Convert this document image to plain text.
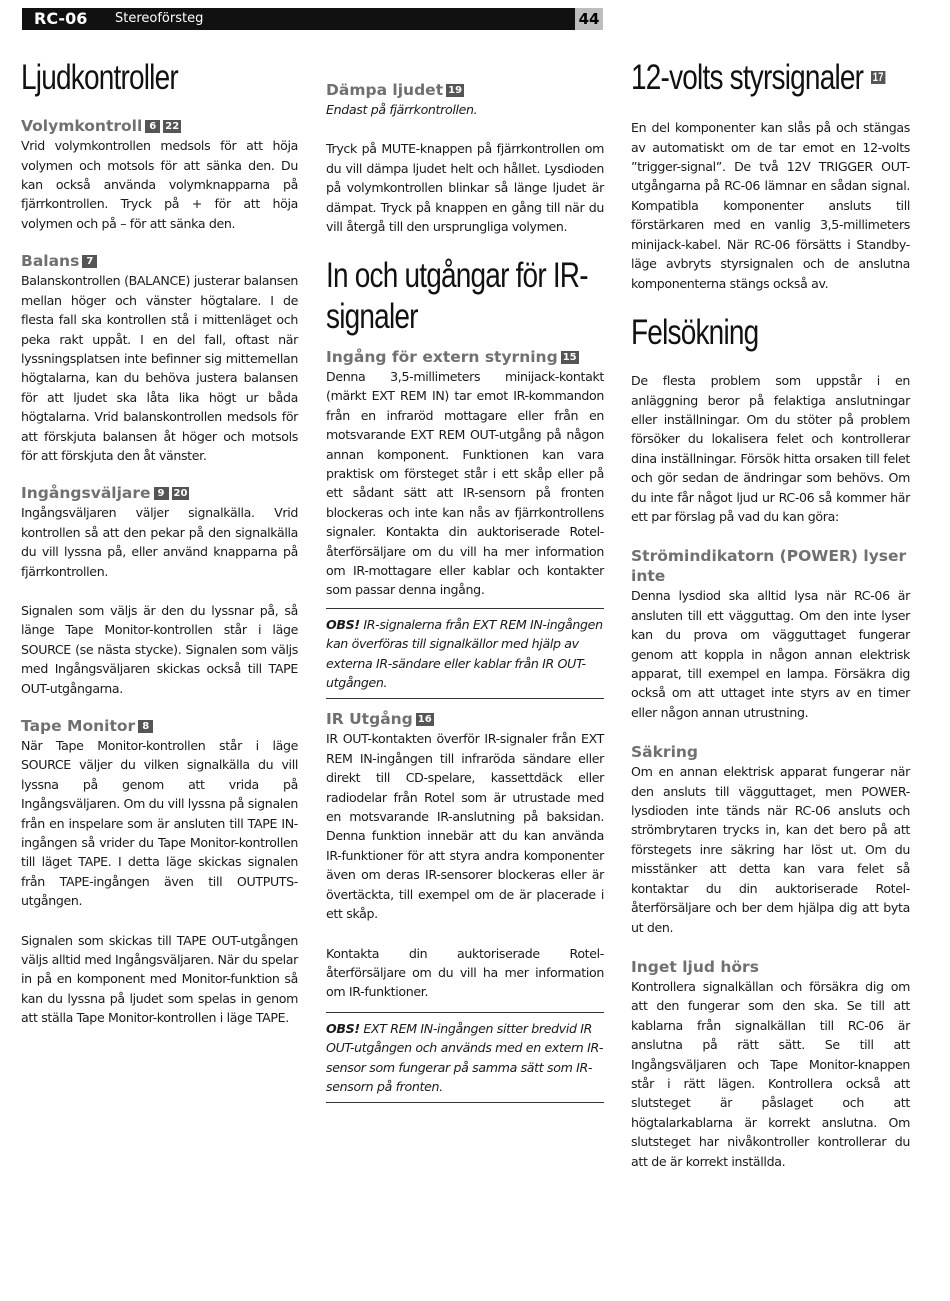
RC-06 Stereoförsteg	44
Ljudkontroller
Volymkontroll 6 22

Vrid volymkontrollen medsols för att höja volymen och motsols för att sänka den. Du kan också använda volymknapparna på fjärrkontrollen. Tryck på + för att höja volymen och på – för att sänka den.

Balans 7

Balanskontrollen (BALANCE) justerar balansen mellan höger och vänster högtalare. I de flesta fall ska kontrollen stå i mittenläget och peka rakt uppåt. I en del fall, oftast när lyssningsplatsen inte befinner sig mittemellan högtalarna, kan du behöva justera balansen för att ljudet ska låta lika högt ur båda högtalarna. Vrid balanskontrollen medsols för att förskjuta balansen åt höger och motsols för att förskjuta den åt vänster.

Ingångsväljare 9 20

Ingångsväljaren väljer signalkälla. Vrid kontrollen så att den pekar på den signalkälla du vill lyssna på, eller använd knapparna på fjärrkontrollen.

Signalen som väljs är den du lyssnar på, så länge Tape Monitor-kontrollen står i läge SOURCE (se nästa stycke). Signalen som väljs med Ingångsväljaren skickas också till TAPE OUT-utgångarna.

Tape Monitor 8

När Tape Monitor-kontrollen står i läge SOURCE väljer du vilken signalkälla du vill lyssna på genom att vrida på Ingångsväljaren. Om du vill lyssna på signalen från en inspelare som är ansluten till TAPE IN-ingången så vrider du Tape Monitor-kontrollen till läget TAPE. I detta läge skickas signalen från TAPE-ingången även till OUTPUTS-utgången.

Signalen som skickas till TAPE OUT-utgången väljs alltid med Ingångsväljaren. När du spelar in på en komponent med Monitor-funktion så kan du lyssna på ljudet som spelas in genom att ställa Tape Monitor-kontrollen i läge TAPE.

Dämpa ljudet 19

Endast på fjärrkontrollen.

Tryck på MUTE-knappen på fjärrkontrollen om du vill dämpa ljudet helt och hållet. Lysdioden på volymkontrollen blinkar så länge ljudet är dämpat. Tryck på knappen en gång till när du vill återgå till den ursprungliga volymen.

In och utgångar för IR-signaler
Ingång för extern styrning 15

Denna 3,5-millimeters minijack-kontakt (märkt EXT REM IN) tar emot IR-kommandon från en infraröd mottagare eller från en motsvarande EXT REM OUT-utgång på någon annan komponent. Funktionen kan vara praktisk om försteget står i ett skåp eller på ett sådant sätt att IR-sensorn på fronten blockeras och inte kan nås av fjärrkontrollens signaler. Kontakta din auktoriserade Rotel-återförsäljare om du vill ha mer information om IR-mottagare eller kablar och kontakter som passar denna ingång.

OBS! IR-signalerna från EXT REM IN-ingången kan överföras till signalkällor med hjälp av externa IR-sändare eller kablar från IR OUT-utgången.

IR Utgång 16

IR OUT-kontakten överför IR-signaler från EXT REM IN-ingången till infraröda sändare eller direkt till CD-spelare, kassettdäck eller radiodelar från Rotel som är utrustade med en motsvarande IR-anslutning på baksidan. Denna funktion innebär att du kan använda IR-funktioner för att styra andra komponenter även om deras IR-sensorer blockeras eller är övertäckta, till exempel om de är placerade i ett skåp.

Kontakta din auktoriserade Rotel-återförsäljare om du vill ha mer information om IR-funktioner.

OBS! EXT REM IN-ingången sitter bredvid IR OUT-utgången och används med en extern IR-sensor som fungerar på samma sätt som IR-sensorn på fronten.

12-volts styrsignaler 17

En del komponenter kan slås på och stängas av automatiskt om de tar emot en 12-volts ”trigger-signal”. De två 12V TRIGGER OUT-utgångarna på RC-06 lämnar en sådan signal. Kompatibla komponenter ansluts till förstärkaren med en vanlig 3,5-millimeters minijack-kabel. När RC-06 försätts i Standby-läge avbryts styrsignalen och de anslutna komponenterna stängs också av.

Felsökning

De flesta problem som uppstår i en anläggning beror på felaktiga anslutningar eller inställningar. Om du stöter på problem försöker du lokalisera felet och kontrollerar dina inställningar. Försök hitta orsaken till felet och gör sedan de ändringar som behövs. Om du inte får något ljud ur RC-06 så kommer här ett par förslag på vad du kan göra:

Strömindikatorn (POWER) lyser inte

Denna lysdiod ska alltid lysa när RC-06 är ansluten till ett vägguttag. Om den inte lyser kan du prova om vägguttaget fungerar genom att koppla in någon annan elektrisk apparat, till exempel en lampa. Försäkra dig också om att uttaget inte styrs av en timer eller någon annan utrustning.

Säkring

Om en annan elektrisk apparat fungerar när den ansluts till vägguttaget, men POWER-lysdioden inte tänds när RC-06 ansluts och strömbrytaren trycks in, kan det bero på att förstegets inre säkring har löst ut. Om du misstänker att detta kan vara felet så kontaktar du din auktoriserade Rotel-återförsäljare och ber dem hjälpa dig att byta ut den.

Inget ljud hörs

Kontrollera signalkällan och försäkra dig om att den fungerar som den ska. Se till att kablarna från signalkällan till RC-06 är anslutna på rätt sätt. Se till att Ingångsväljaren och Tape Monitor-knappen står i rätt lägen. Kontrollera också att slutsteget är påslaget och att högtalarkablarna är korrekt anslutna. Om slutsteget har nivåkontroller kontrollerar du att de är korrekt inställda.
